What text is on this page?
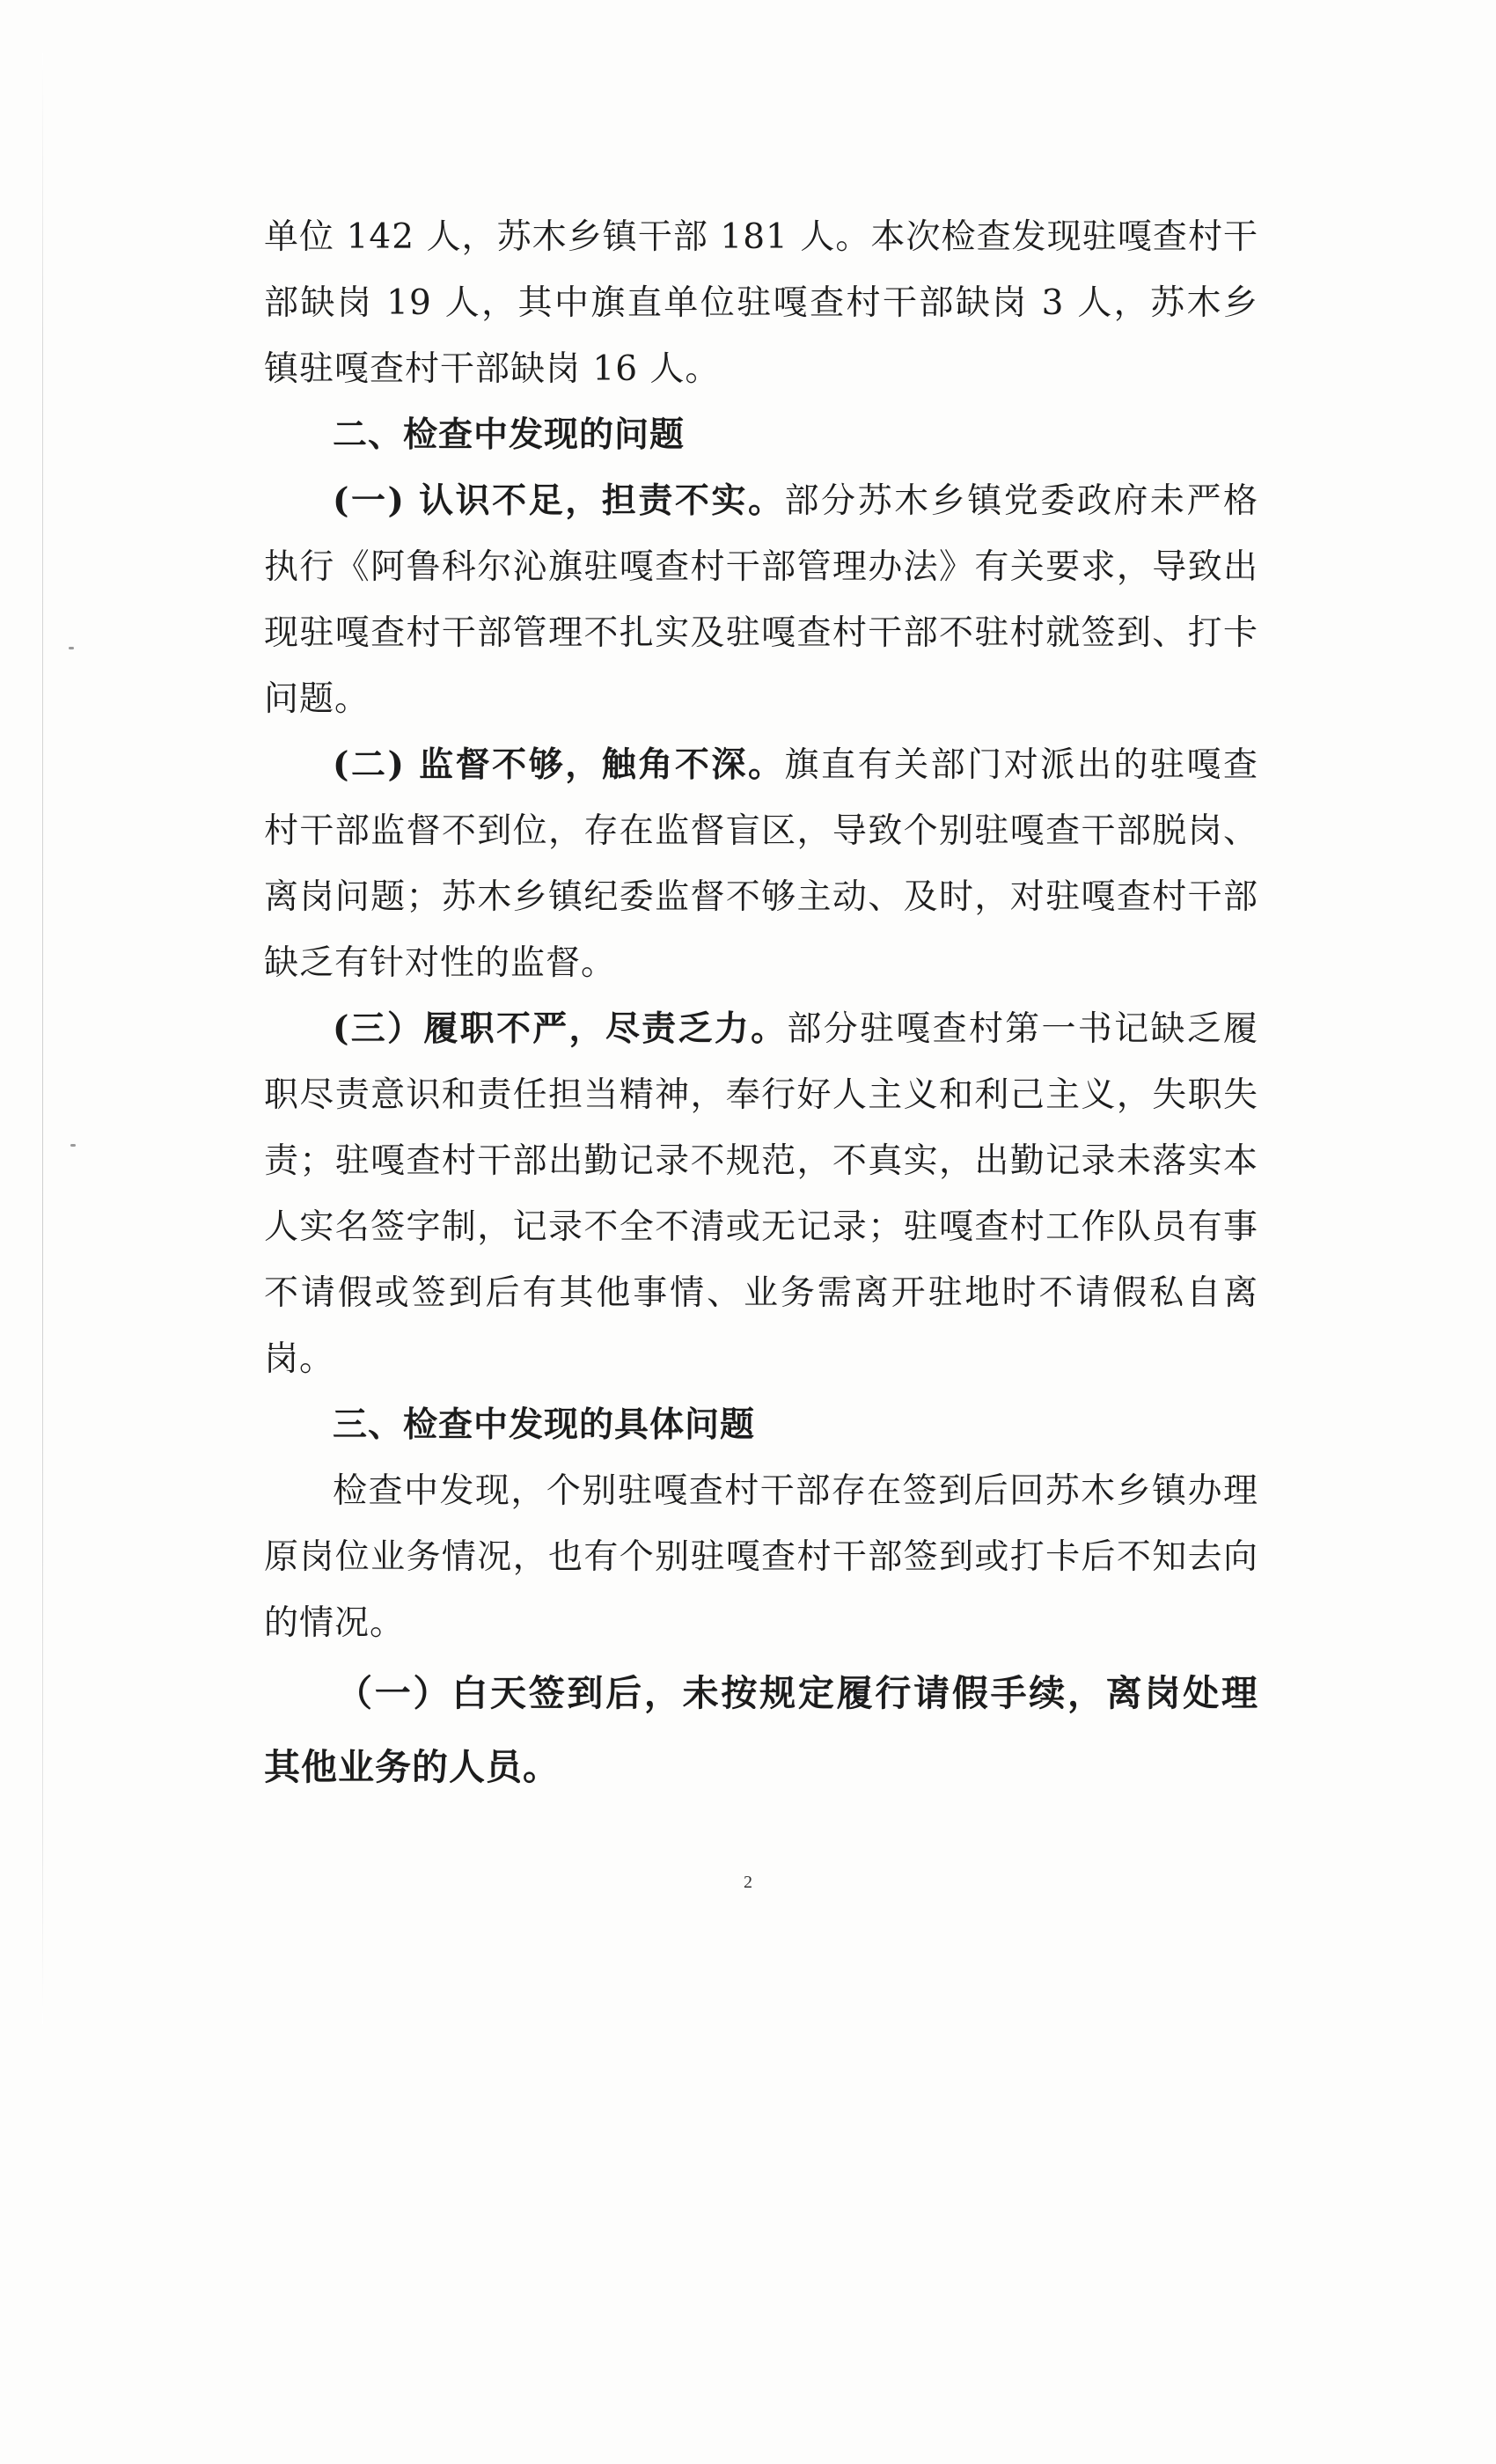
单位 142 人，苏木乡镇干部 181 人。本次检查发现驻嘎查村干部缺岗 19 人，其中旗直单位驻嘎查村干部缺岗 3 人，苏木乡镇驻嘎查村干部缺岗 16 人。

二、检查中发现的问题

(一) 认识不足，担责不实。部分苏木乡镇党委政府未严格执行《阿鲁科尔沁旗驻嘎查村干部管理办法》有关要求，导致出现驻嘎查村干部管理不扎实及驻嘎查村干部不驻村就签到、打卡问题。

(二) 监督不够，触角不深。旗直有关部门对派出的驻嘎查村干部监督不到位，存在监督盲区，导致个别驻嘎查干部脱岗、离岗问题；苏木乡镇纪委监督不够主动、及时，对驻嘎查村干部缺乏有针对性的监督。

(三）履职不严，尽责乏力。部分驻嘎查村第一书记缺乏履职尽责意识和责任担当精神，奉行好人主义和利己主义，失职失责；驻嘎查村干部出勤记录不规范，不真实，出勤记录未落实本人实名签字制，记录不全不清或无记录；驻嘎查村工作队员有事不请假或签到后有其他事情、业务需离开驻地时不请假私自离岗。

三、检查中发现的具体问题

检查中发现，个别驻嘎查村干部存在签到后回苏木乡镇办理原岗位业务情况，也有个别驻嘎查村干部签到或打卡后不知去向的情况。

（一）白天签到后，未按规定履行请假手续，离岗处理其他业务的人员。

2
